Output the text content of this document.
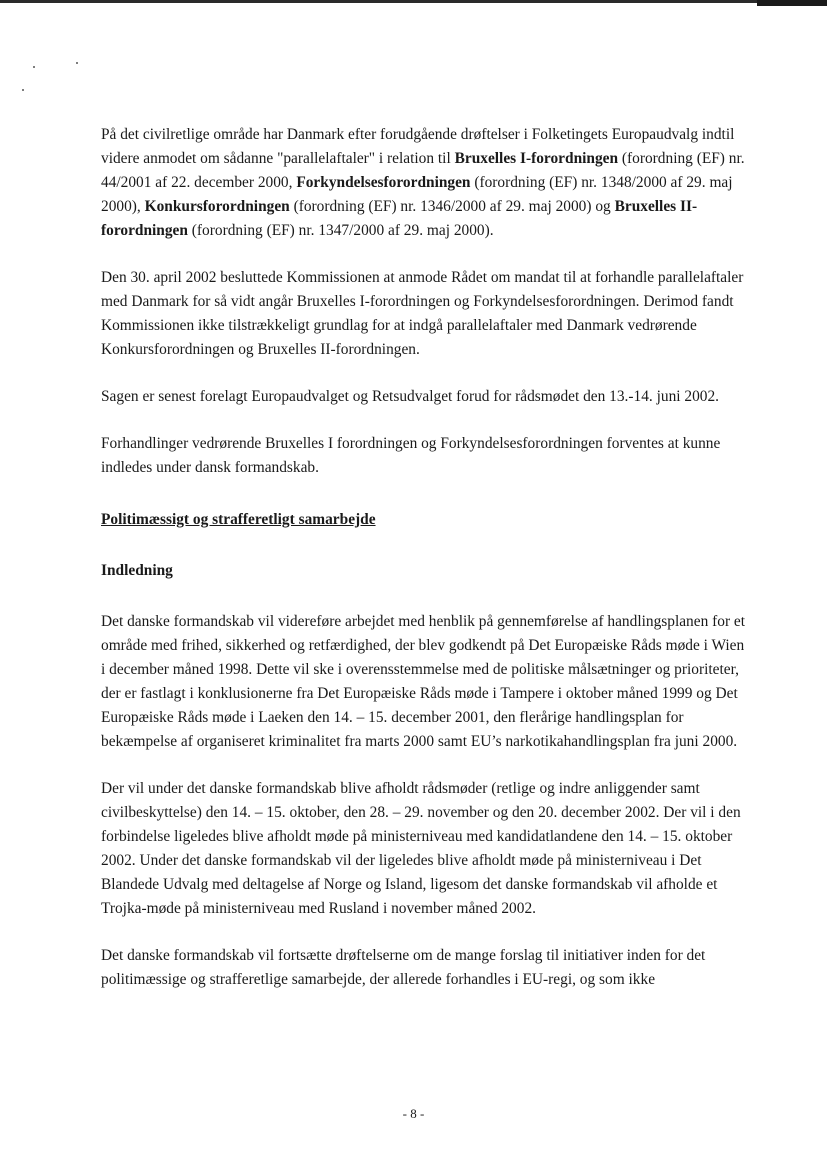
På det civilretlige område har Danmark efter forudgående drøftelser i Folketingets Europaudvalg indtil videre anmodet om sådanne "parallelaftaler" i relation til Bruxelles I-forordningen (forordning (EF) nr. 44/2001 af 22. december 2000, Forkyndelsesforordningen (forordning (EF) nr. 1348/2000 af 29. maj 2000), Konkursforordningen (forordning (EF) nr. 1346/2000 af 29. maj 2000) og Bruxelles II-forordningen (forordning (EF) nr. 1347/2000 af 29. maj 2000).

Den 30. april 2002 besluttede Kommissionen at anmode Rådet om mandat til at forhandle parallelaftaler med Danmark for så vidt angår Bruxelles I-forordningen og Forkyndelsesforordningen. Derimod fandt Kommissionen ikke tilstrækkeligt grundlag for at indgå parallelaftaler med Danmark vedrørende Konkursforordningen og Bruxelles II-forordningen.

Sagen er senest forelagt Europaudvalget og Retsudvalget forud for rådsmødet den 13.-14. juni 2002.

Forhandlinger vedrørende Bruxelles I forordningen og Forkyndelsesforordningen forventes at kunne indledes under dansk formandskab.

Politimæssigt og strafferetligt samarbejde

Indledning

Det danske formandskab vil videreføre arbejdet med henblik på gennemførelse af handlingsplanen for et område med frihed, sikkerhed og retfærdighed, der blev godkendt på Det Europæiske Råds møde i Wien i december måned 1998. Dette vil ske i overensstemmelse med de politiske målsætninger og prioriteter, der er fastlagt i konklusionerne fra Det Europæiske Råds møde i Tampere i oktober måned 1999 og Det Europæiske Råds møde i Laeken den 14. – 15. december 2001, den flerårige handlingsplan for bekæmpelse af organiseret kriminalitet fra marts 2000 samt EU’s narkotikahandlingsplan fra juni 2000.

Der vil under det danske formandskab blive afholdt rådsmøder (retlige og indre anliggender samt civilbeskyttelse) den 14. – 15. oktober, den 28. – 29. november og den 20. december 2002. Der vil i den forbindelse ligeledes blive afholdt møde på ministerniveau med kandidatlandene den 14. – 15. oktober 2002. Under det danske formandskab vil der ligeledes blive afholdt møde på ministerniveau i Det Blandede Udvalg med deltagelse af Norge og Island, ligesom det danske formandskab vil afholde et Trojka-møde på ministerniveau med Rusland i november måned 2002.

Det danske formandskab vil fortsætte drøftelserne om de mange forslag til initiativer inden for det politimæssige og strafferetlige samarbejde, der allerede forhandles i EU-regi, og som ikke

- 8 -
